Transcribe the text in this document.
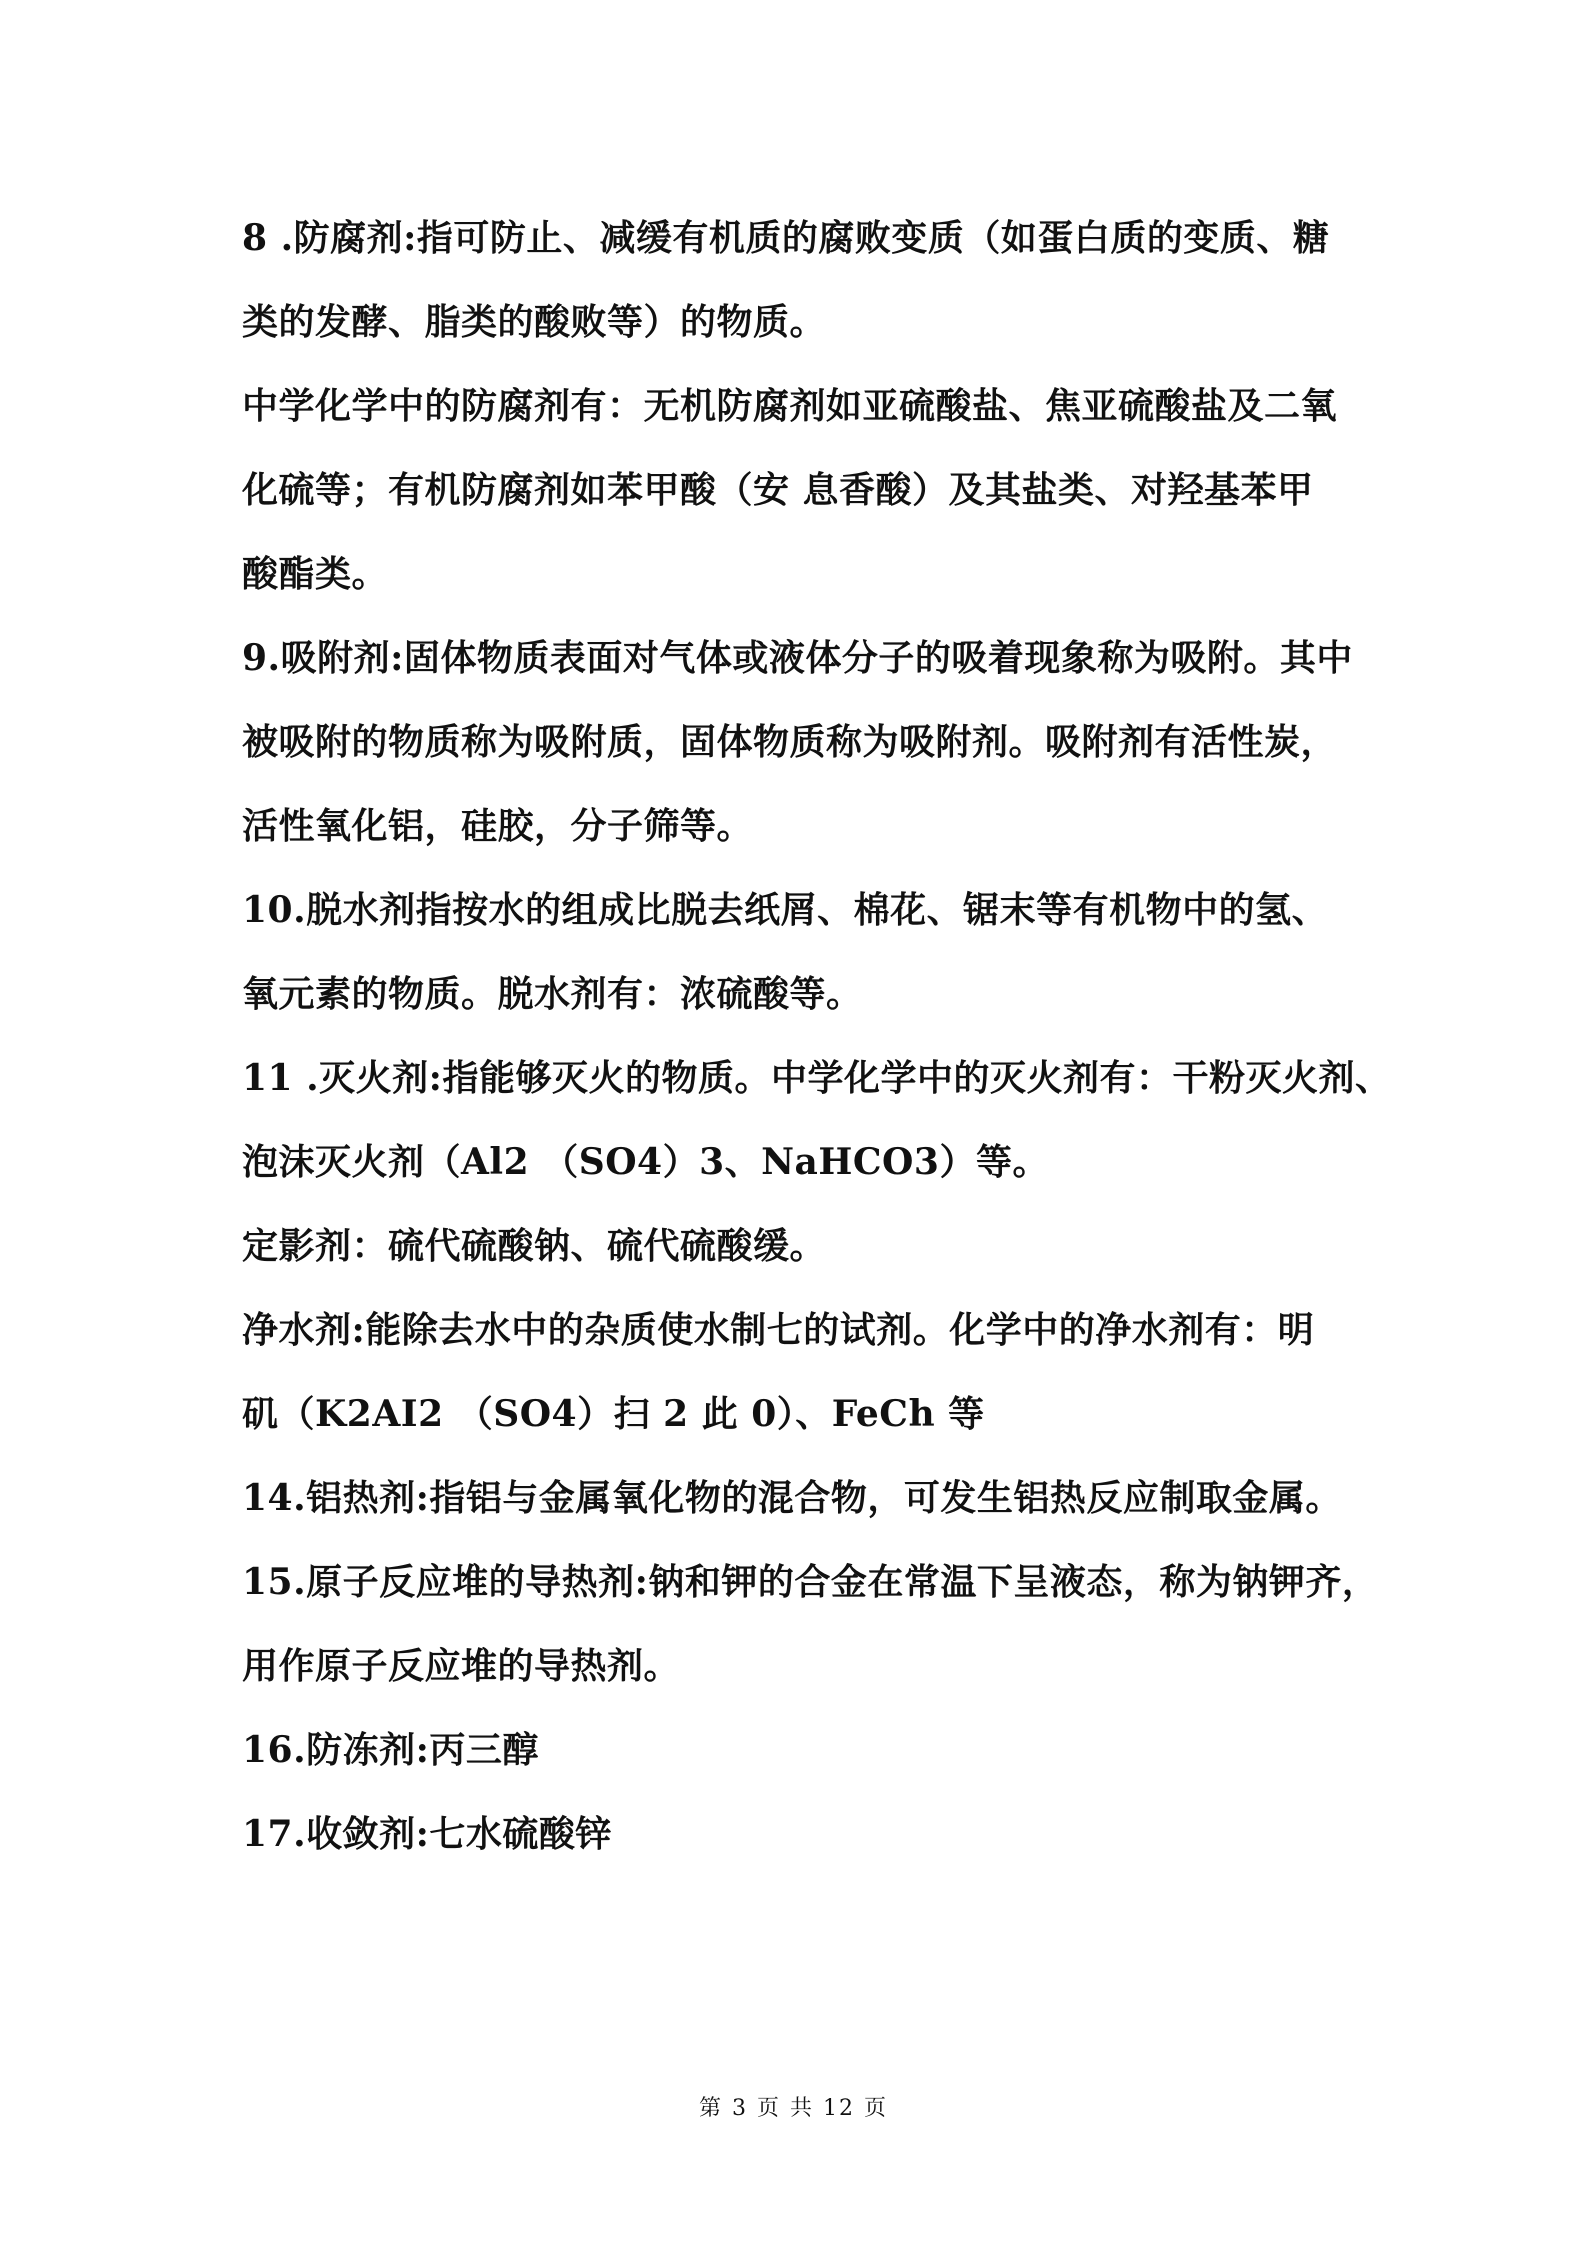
8 .防腐剂:指可防止、减缓有机质的腐败变质（如蛋白质的变质、糖
类的发酵、脂类的酸败等）的物质。
中学化学中的防腐剂有：无机防腐剂如亚硫酸盐、焦亚硫酸盐及二氧
化硫等；有机防腐剂如苯甲酸（安 息香酸）及其盐类、对羟基苯甲
酸酯类。
9.吸附剂:固体物质表面对气体或液体分子的吸着现象称为吸附。其中
被吸附的物质称为吸附质，固体物质称为吸附剂。吸附剂有活性炭，
活性氧化铝，硅胶，分子筛等。
10.脱水剂指按水的组成比脱去纸屑、棉花、锯末等有机物中的氢、
氧元素的物质。脱水剂有：浓硫酸等。
11 .灭火剂:指能够灭火的物质。中学化学中的灭火剂有：干粉灭火剂、
泡沫灭火剂（Al2 （SO4）3、NaHCO3）等。
定影剂：硫代硫酸钠、硫代硫酸缓。
净水剂:能除去水中的杂质使水制七的试剂。化学中的净水剂有：明
矶（K2AI2 （SO4）扫 2 此 0）、FeCh 等
14.铝热剂:指铝与金属氧化物的混合物，可发生铝热反应制取金属。
15.原子反应堆的导热剂:钠和钾的合金在常温下呈液态，称为钠钾齐，
用作原子反应堆的导热剂。
16.防冻剂:丙三醇
17.收敛剂:七水硫酸锌
第 3 页 共 12 页
